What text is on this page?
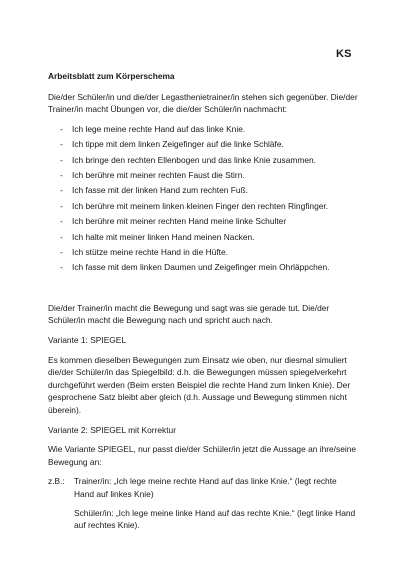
KS
Arbeitsblatt zum Körperschema

Die/der Schüler/in und die/der Legasthenietrainer/in stehen sich gegenüber. Die/der Trainer/in macht Übungen vor, die die/der Schüler/in nachmacht:

- Ich lege meine rechte Hand auf das linke Knie.
- Ich tippe mit dem linken Zeigefinger auf die linke Schläfe.
- Ich bringe den rechten Ellenbogen und das linke Knie zusammen.
- Ich berühre mit meiner rechten Faust die Stirn.
- Ich fasse mit der linken Hand zum rechten Fuß.
- Ich berühre mit meinem linken kleinen Finger den rechten Ringfinger.
- Ich berühre mit meiner rechten Hand meine linke Schulter
- Ich halte mit meiner linken Hand meinen Nacken.
- Ich stütze meine rechte Hand in die Hüfte.
- Ich fasse mit dem linken Daumen und Zeigefinger mein Ohrläppchen.

Die/der Trainer/in macht die Bewegung und sagt was sie gerade tut. Die/der Schüler/in macht die Bewegung nach und spricht auch nach.

Variante 1: SPIEGEL

Es kommen dieselben Bewegungen zum Einsatz wie oben, nur diesmal simuliert die/der Schüler/in das Spiegelbild: d.h. die Bewegungen müssen spiegelverkehrt durchgeführt werden (Beim ersten Beispiel die rechte Hand zum linken Knie). Der gesprochene Satz bleibt aber gleich (d.h. Aussage und Bewegung stimmen nicht überein).

Variante 2: SPIEGEL mit Korrektur

Wie Variante SPIEGEL, nur passt die/der Schüler/in jetzt die Aussage an ihre/seine Bewegung an:

z.B.:	Trainer/in: „Ich lege meine rechte Hand auf das linke Knie.“ (legt rechte Hand auf linkes Knie)
Schüler/in: „Ich lege meine linke Hand auf das rechte Knie.“ (legt linke Hand auf rechtes Knie).
